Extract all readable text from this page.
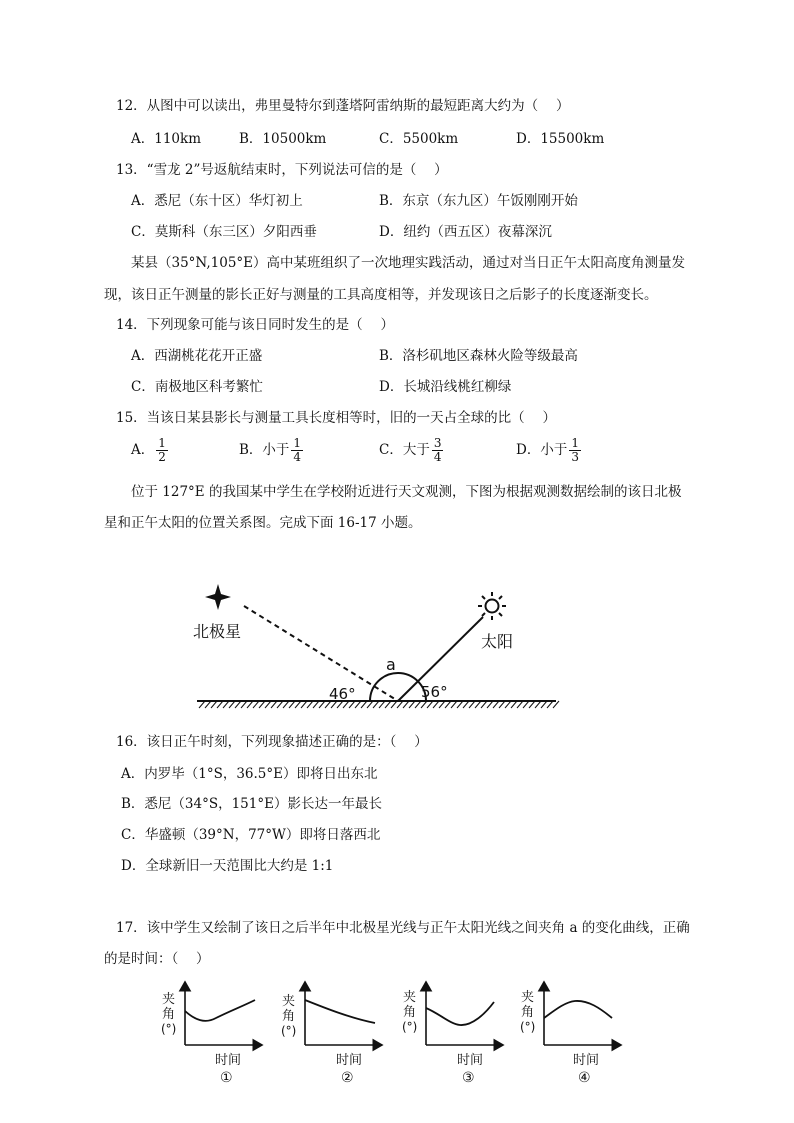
12．从图中可以读出，弗里曼特尔到蓬塔阿雷纳斯的最短距离大约为（　 ）
A．110km	B．10500km	C．5500km	D．15500km
13．“雪龙 2”号返航结束时，下列说法可信的是（　 ）
A．悉尼（东十区）华灯初上	B．东京（东九区）午饭刚刚开始
C．莫斯科（东三区）夕阳西垂	D．纽约（西五区）夜幕深沉
某县（35°N,105°E）高中某班组织了一次地理实践活动，通过对当日正午太阳高度角测量发
现，该日正午测量的影长正好与测量的工具高度相等，并发现该日之后影子的长度逐渐变长。
14．下列现象可能与该日同时发生的是（　 ）
A．西湖桃花花开正盛	B．洛杉矶地区森林火险等级最高
C．南极地区科考繁忙	D．长城沿线桃红柳绿
15．当该日某县影长与测量工具长度相等时，旧的一天占全球的比（　 ）
A． $\frac{1}{2}$	B．小于 $\frac{1}{4}$	C．大于 $\frac{3}{4}$	D．小于 $\frac{1}{3}$
位于 127°E 的我国某中学生在学校附近进行天文观测，下图为根据观测数据绘制的该日北极
星和正午太阳的位置关系图。完成下面 16-17 小题。
北极星
太阳
a
46°	56°
16．该日正午时刻，下列现象描述正确的是：（　 ）
A．内罗毕（1°S，36.5°E）即将日出东北
B．悉尼（34°S，151°E）影长达一年最长
C．华盛顿（39°N，77°W）即将日落西北
D．全球新旧一天范围比大约是 1:1
17．该中学生又绘制了该日之后半年中北极星光线与正午太阳光线之间夹角 a 的变化曲线，正确
的是时间：（　 ）
夹
角
(°)
时间
①
夹
角
(°)
时间
②
夹
角
(°)
时间
③
夹
角
(°)
时间
④
